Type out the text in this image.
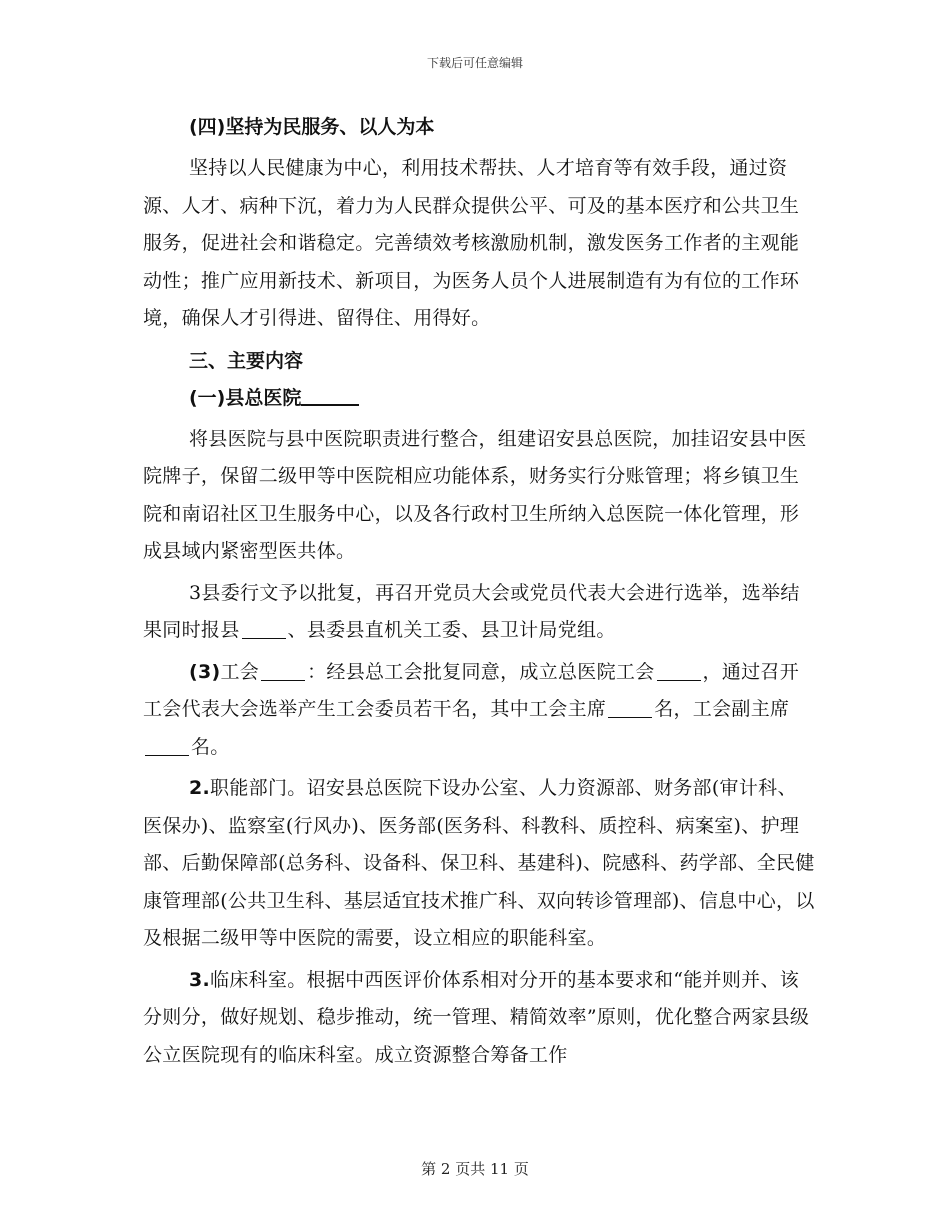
下载后可任意编辑
(四)坚持为民服务、以人为本
坚持以人民健康为中心，利用技术帮扶、人才培育等有效手段，通过资源、人才、病种下沉，着力为人民群众提供公平、可及的基本医疗和公共卫生服务，促进社会和谐稳定。完善绩效考核激励机制，激发医务工作者的主观能动性；推广应用新技术、新项目，为医务人员个人进展制造有为有位的工作环境，确保人才引得进、留得住、用得好。
三、主要内容
(一)县总医院
将县医院与县中医院职责进行整合，组建诏安县总医院，加挂诏安县中医院牌子，保留二级甲等中医院相应功能体系，财务实行分账管理；将乡镇卫生院和南诏社区卫生服务中心，以及各行政村卫生所纳入总医院一体化管理，形成县域内紧密型医共体。
3县委行文予以批复，再召开党员大会或党员代表大会进行选举，选举结果同时报县	、县委县直机关工委、县卫计局党组。
(3)工会	：经县总工会批复同意，成立总医院工会	，通过召开工会代表大会选举产生工会委员若干名，其中工会主席	名，工会副主席名。
2.职能部门。诏安县总医院下设办公室、人力资源部、财务部(审计科、医保办)、监察室(行风办)、医务部(医务科、科教科、质控科、病案室)、护理部、后勤保障部(总务科、设备科、保卫科、基建科)、院感科、药学部、全民健康管理部(公共卫生科、基层适宜技术推广科、双向转诊管理部)、信息中心，以及根据二级甲等中医院的需要，设立相应的职能科室。
3.临床科室。根据中西医评价体系相对分开的基本要求和“能并则并、该分则分，做好规划、稳步推动，统一管理、精简效率”原则，优化整合两家县级公立医院现有的临床科室。成立资源整合筹备工作
第 2 页共 11 页
